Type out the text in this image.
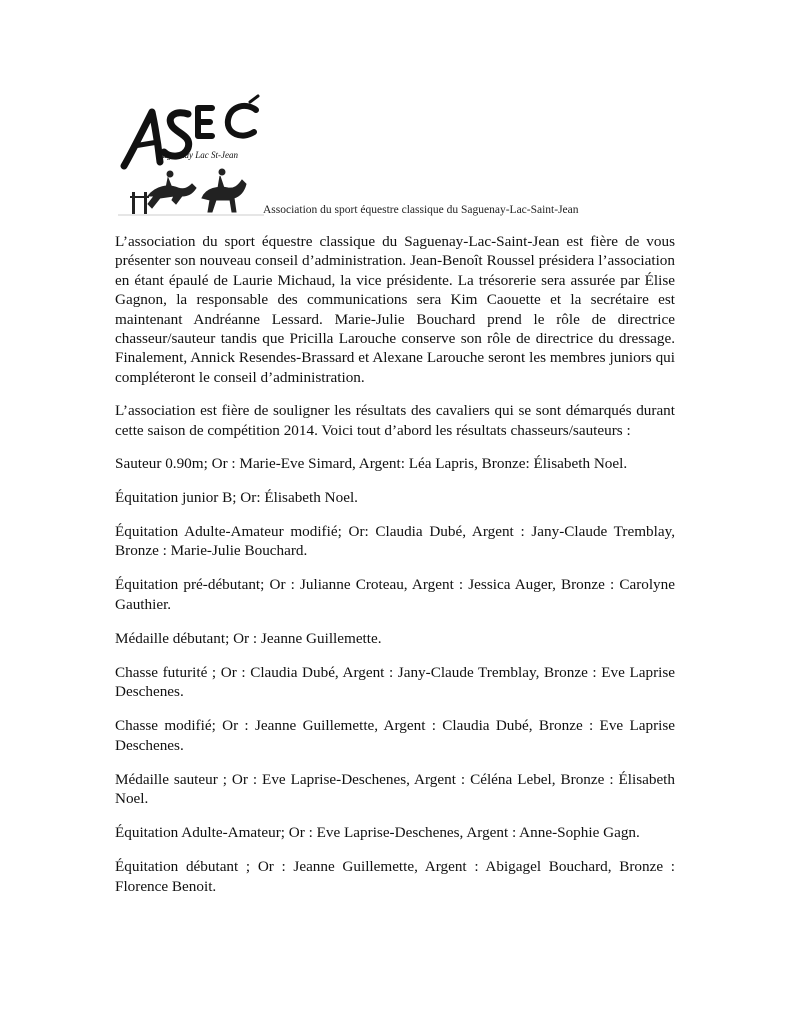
Saguenay Lac St-Jean
Association du sport équestre classique du Saguenay-Lac-Saint-Jean

L’association du sport équestre classique du Saguenay-Lac-Saint-Jean est fière de vous présenter son nouveau conseil d’administration. Jean-Benoît Roussel présidera l’association en étant épaulé de Laurie Michaud, la vice présidente. La trésorerie sera assurée par Élise Gagnon, la responsable des communications sera Kim Caouette et la secrétaire est maintenant Andréanne Lessard. Marie-Julie Bouchard prend le rôle de directrice chasseur/sauteur tandis que Pricilla Larouche conserve son rôle de directrice du dressage. Finalement, Annick Resendes-Brassard et Alexane Larouche seront les membres juniors qui compléteront le conseil d’administration.

L’association est fière de souligner les résultats des cavaliers qui se sont démarqués durant cette saison de compétition 2014. Voici tout d’abord les résultats chasseurs/sauteurs :

Sauteur 0.90m; Or : Marie-Eve Simard, Argent: Léa Lapris, Bronze: Élisabeth Noel.

Équitation junior B; Or: Élisabeth Noel.

Équitation Adulte-Amateur modifié; Or: Claudia Dubé, Argent : Jany-Claude Tremblay, Bronze : Marie-Julie Bouchard.

Équitation pré-débutant; Or : Julianne Croteau, Argent : Jessica Auger, Bronze : Carolyne Gauthier.

Médaille débutant; Or : Jeanne Guillemette.

Chasse futurité ; Or : Claudia Dubé, Argent : Jany-Claude Tremblay, Bronze : Eve Laprise Deschenes.

Chasse modifié; Or : Jeanne Guillemette, Argent : Claudia Dubé, Bronze : Eve Laprise Deschenes.

Médaille sauteur ; Or : Eve Laprise-Deschenes, Argent : Céléna Lebel, Bronze : Élisabeth Noel.

Équitation Adulte-Amateur; Or : Eve Laprise-Deschenes, Argent : Anne-Sophie Gagn.

Équitation débutant ; Or : Jeanne Guillemette, Argent : Abigagel Bouchard, Bronze : Florence Benoit.
